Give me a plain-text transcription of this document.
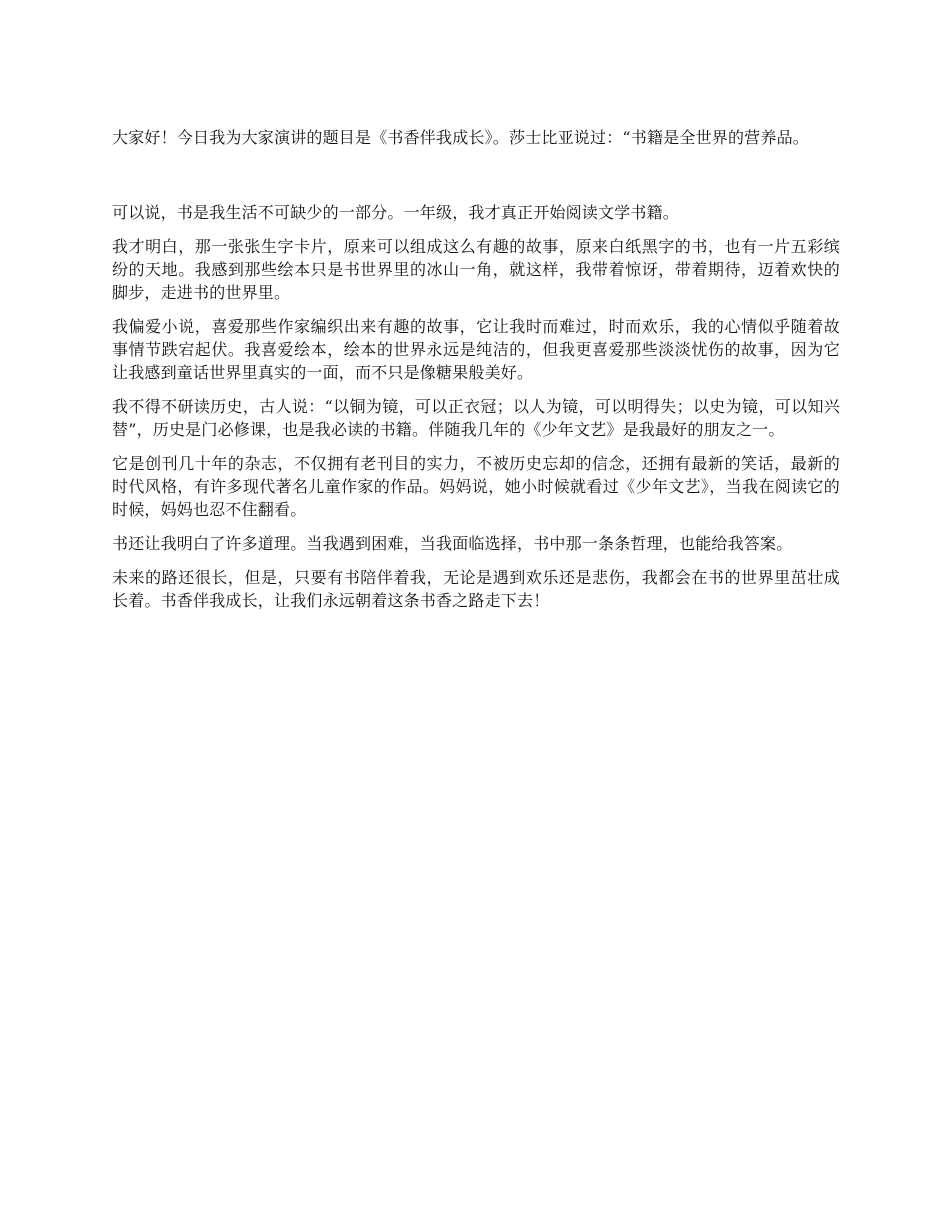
大家好！今日我为大家演讲的题目是《书香伴我成长》。莎士比亚说过：“书籍是全世界的营养品。

可以说，书是我生活不可缺少的一部分。一年级，我才真正开始阅读文学书籍。

我才明白，那一张张生字卡片，原来可以组成这么有趣的故事，原来白纸黑字的书，也有一片五彩缤纷的天地。我感到那些绘本只是书世界里的冰山一角，就这样，我带着惊讶，带着期待，迈着欢快的脚步，走进书的世界里。

我偏爱小说，喜爱那些作家编织出来有趣的故事，它让我时而难过，时而欢乐，我的心情似乎随着故事情节跌宕起伏。我喜爱绘本，绘本的世界永远是纯洁的，但我更喜爱那些淡淡忧伤的故事，因为它让我感到童话世界里真实的一面，而不只是像糖果般美好。

我不得不研读历史，古人说：“以铜为镜，可以正衣冠；以人为镜，可以明得失；以史为镜，可以知兴替”，历史是门必修课，也是我必读的书籍。伴随我几年的《少年文艺》是我最好的朋友之一。

它是创刊几十年的杂志，不仅拥有老刊目的实力，不被历史忘却的信念，还拥有最新的笑话，最新的时代风格，有许多现代著名儿童作家的作品。妈妈说，她小时候就看过《少年文艺》，当我在阅读它的时候，妈妈也忍不住翻看。

书还让我明白了许多道理。当我遇到困难，当我面临选择，书中那一条条哲理，也能给我答案。

未来的路还很长，但是，只要有书陪伴着我，无论是遇到欢乐还是悲伤，我都会在书的世界里茁壮成长着。书香伴我成长，让我们永远朝着这条书香之路走下去！
